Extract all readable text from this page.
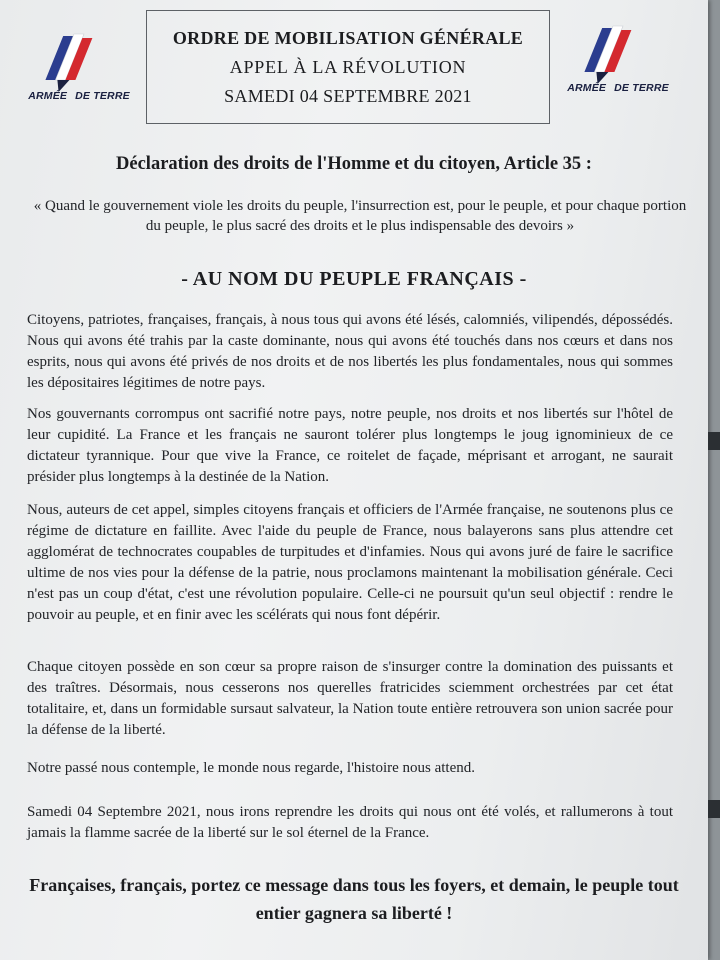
ARMÉE DE TERRE
ARMÉE DE TERRE
ORDRE DE MOBILISATION GÉNÉRALE
APPEL À LA RÉVOLUTION
SAMEDI 04 SEPTEMBRE 2021
Déclaration des droits de l'Homme et du citoyen, Article 35 :
« Quand le gouvernement viole les droits du peuple, l'insurrection est, pour le peuple, et pour chaque portion du peuple, le plus sacré des droits et le plus indispensable des devoirs »
- AU NOM DU PEUPLE FRANÇAIS -
Citoyens, patriotes, françaises, français, à nous tous qui avons été lésés, calomniés, vilipendés, dépossédés. Nous qui avons été trahis par la caste dominante, nous qui avons été touchés dans nos cœurs et dans nos esprits, nous qui avons été privés de nos droits et de nos libertés les plus fondamentales, nous qui sommes les dépositaires légitimes de notre pays.
Nos gouvernants corrompus ont sacrifié notre pays, notre peuple, nos droits et nos libertés sur l'hôtel de leur cupidité. La France et les français ne sauront tolérer plus longtemps le joug ignominieux de ce dictateur tyrannique. Pour que vive la France, ce roitelet de façade, méprisant et arrogant, ne saurait présider plus longtemps à la destinée de la Nation.
Nous, auteurs de cet appel, simples citoyens français et officiers de l'Armée française, ne soutenons plus ce régime de dictature en faillite. Avec l'aide du peuple de France, nous balayerons sans plus attendre cet agglomérat de technocrates coupables de turpitudes et d'infamies. Nous qui avons juré de faire le sacrifice ultime de nos vies pour la défense de la patrie, nous proclamons maintenant la mobilisation générale. Ceci n'est pas un coup d'état, c'est une révolution populaire. Celle-ci ne poursuit qu'un seul objectif : rendre le pouvoir au peuple, et en finir avec les scélérats qui nous font dépérir.
Chaque citoyen possède en son cœur sa propre raison de s'insurger contre la domination des puissants et des traîtres. Désormais, nous cesserons nos querelles fratricides sciemment orchestrées par cet état totalitaire, et, dans un formidable sursaut salvateur, la Nation toute entière retrouvera son union sacrée pour la défense de la liberté.
Notre passé nous contemple, le monde nous regarde, l'histoire nous attend.
Samedi 04 Septembre 2021, nous irons reprendre les droits qui nous ont été volés, et rallumerons à tout jamais la flamme sacrée de la liberté sur le sol éternel de la France.
Françaises, français, portez ce message dans tous les foyers, et demain, le peuple tout entier gagnera sa liberté !
